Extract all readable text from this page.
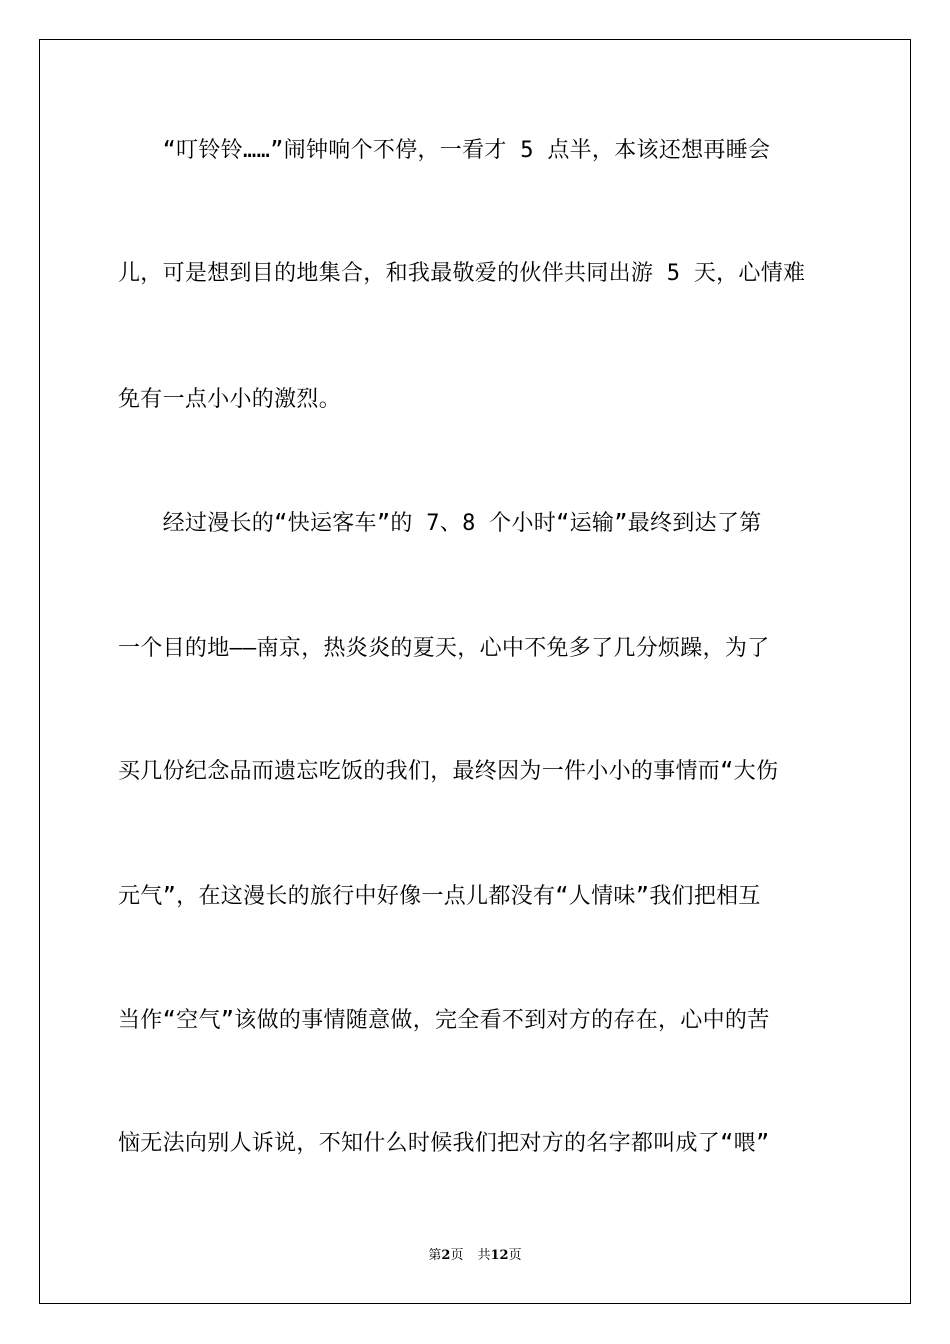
　　“叮铃铃……”闹钟响个不停，一看才 5 点半，本该还想再睡会
儿，可是想到目的地集合，和我最敬爱的伙伴共同出游 5 天，心情难
免有一点小小的激烈。
　　经过漫长的“快运客车”的 7、8 个小时“运输”最终到达了第
一个目的地——南京，热炎炎的夏天，心中不免多了几分烦躁，为了
买几份纪念品而遗忘吃饭的我们，最终因为一件小小的事情而“大伤
元气”，在这漫长的旅行中好像一点儿都没有“人情味”我们把相互
当作“空气”该做的事情随意做，完全看不到对方的存在，心中的苦
恼无法向别人诉说，不知什么时候我们把对方的名字都叫成了“喂”
第2页 共12页
